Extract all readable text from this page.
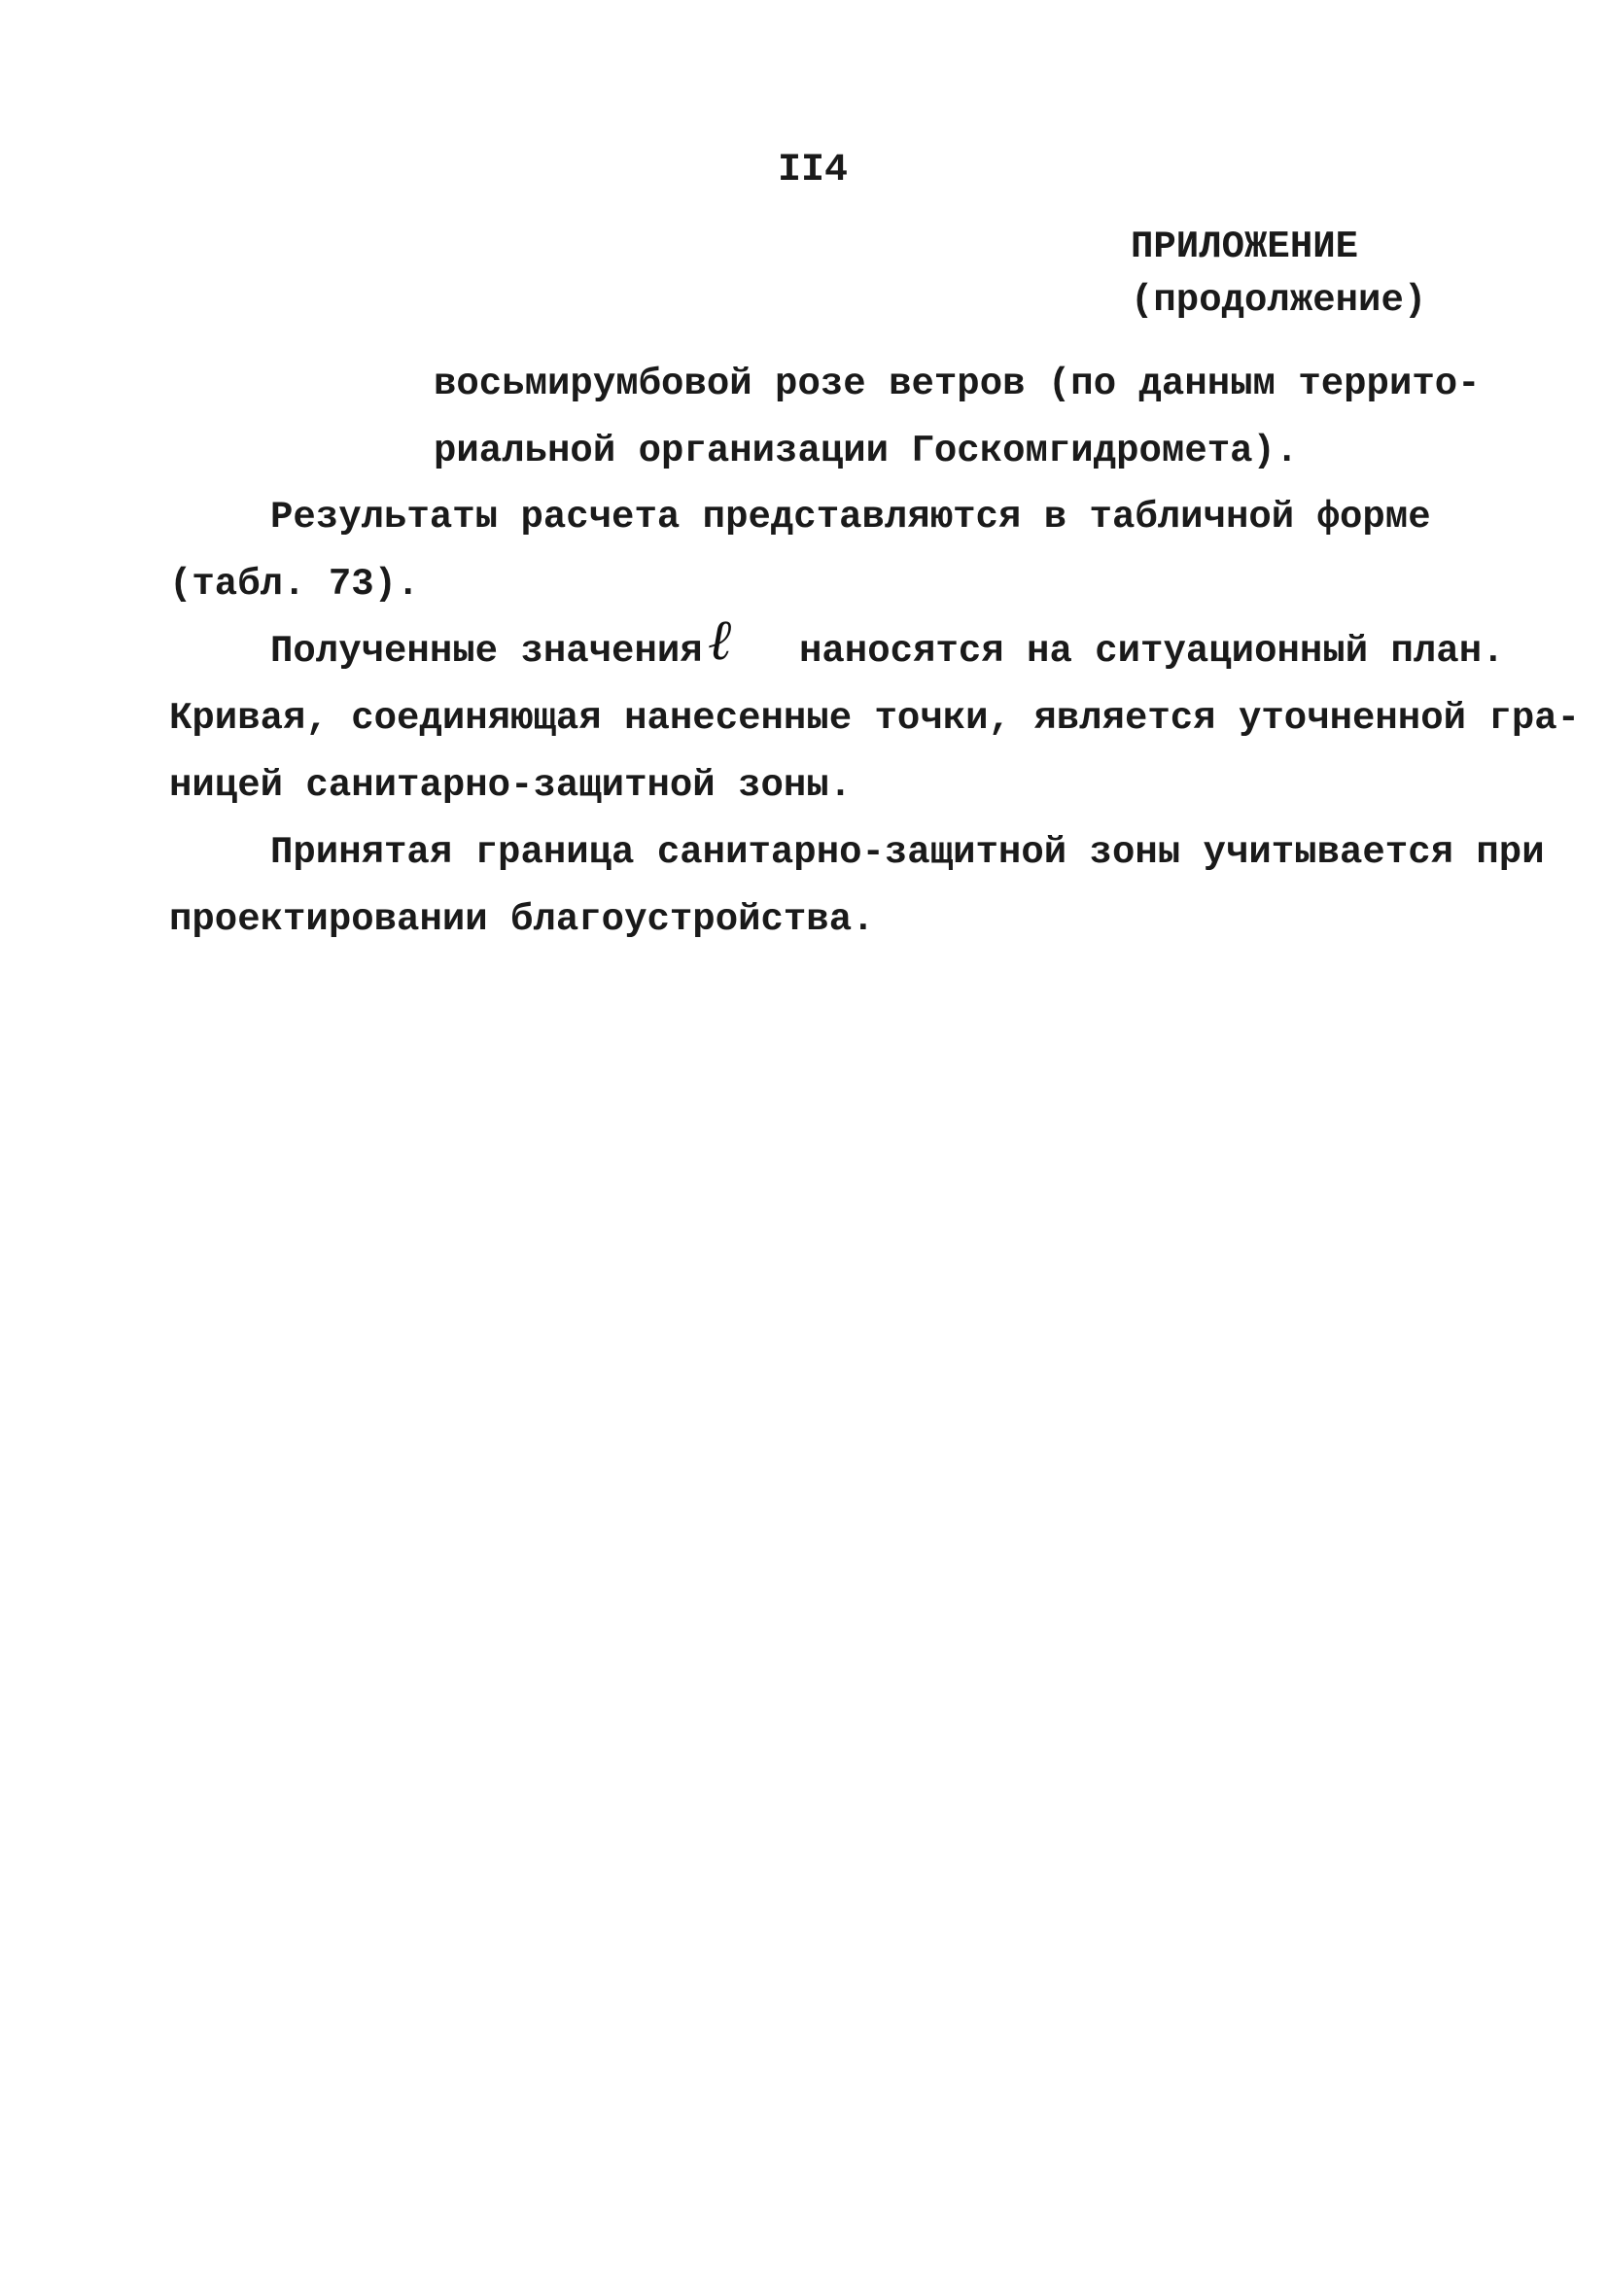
II4
ПРИЛОЖЕНИЕ
(продолжение)
восьмирумбовой розе ветров (по данным террито-
риальной организации Госкомгидромета).
Результаты расчета представляются в табличной форме
(табл. 73).
Полученные значения ℓ наносятся на ситуационный план.
Кривая, соединяющая нанесенные точки, является уточненной гра-
ницей санитарно-защитной зоны.
Принятая граница санитарно-защитной зоны учитывается при
проектировании благоустройства.
